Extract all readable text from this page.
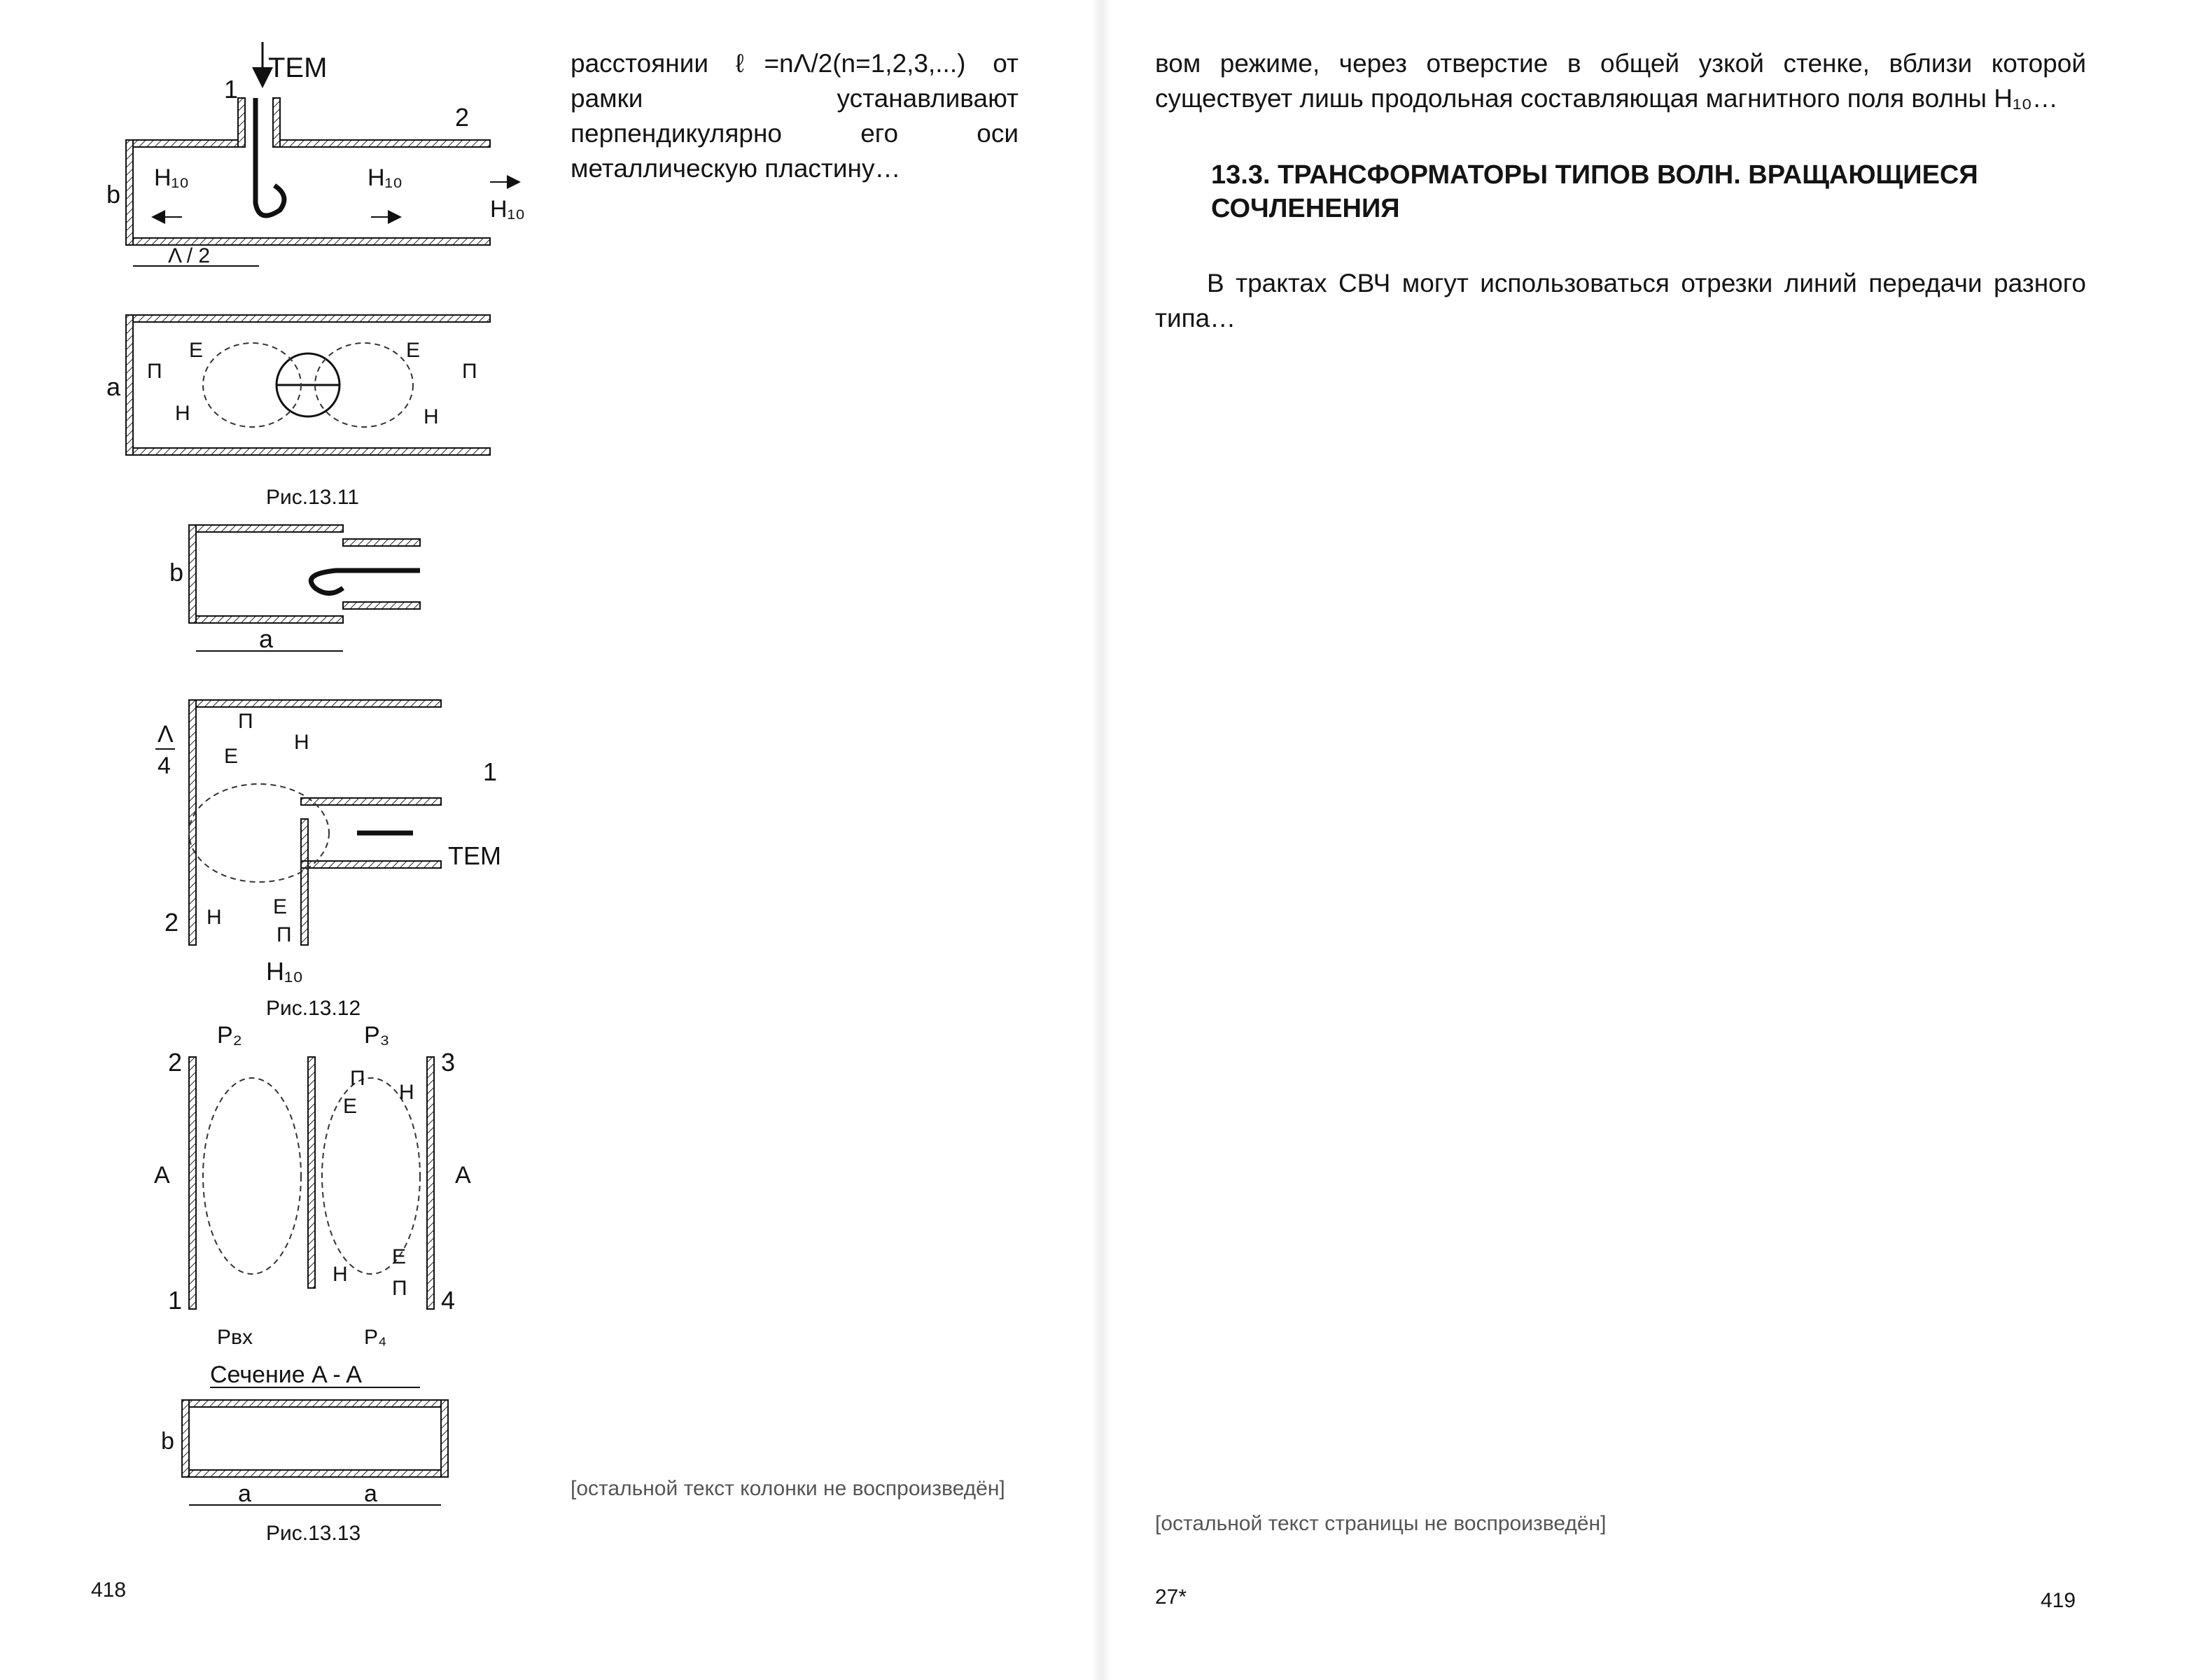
TEM
1
2
b
H₁₀	H₁₀
H₁₀
Λ / 2
a
П
E
H
E
П
H
Рис.13.11
b
a
Λ
4
П
E
H
1
TEM
2 H E
П
H₁₀
Рис.13.12
P₂	P₃
2	3
1	4
A	A
П
E
H
H
E
П
Pвх	P₄
Сечение A - A
b
a	a
Рис.13.13

расстоянии ℓ=nΛ/2(n=1,2,3,...) от рамки устанавливают перпендикулярно его оси металлическую пластину…

[остальной текст колонки не воспроизведён]

вом режиме, через отверстие в общей узкой стенке, вблизи которой существует лишь продольная составляющая магнитного поля волны H₁₀…

13.3. ТРАНСФОРМАТОРЫ ТИПОВ ВОЛН. ВРАЩАЮЩИЕСЯ СОЧЛЕНЕНИЯ

В трактах СВЧ могут использоваться отрезки линий передачи разного типа…

[остальной текст страницы не воспроизведён]
418	27*	419
